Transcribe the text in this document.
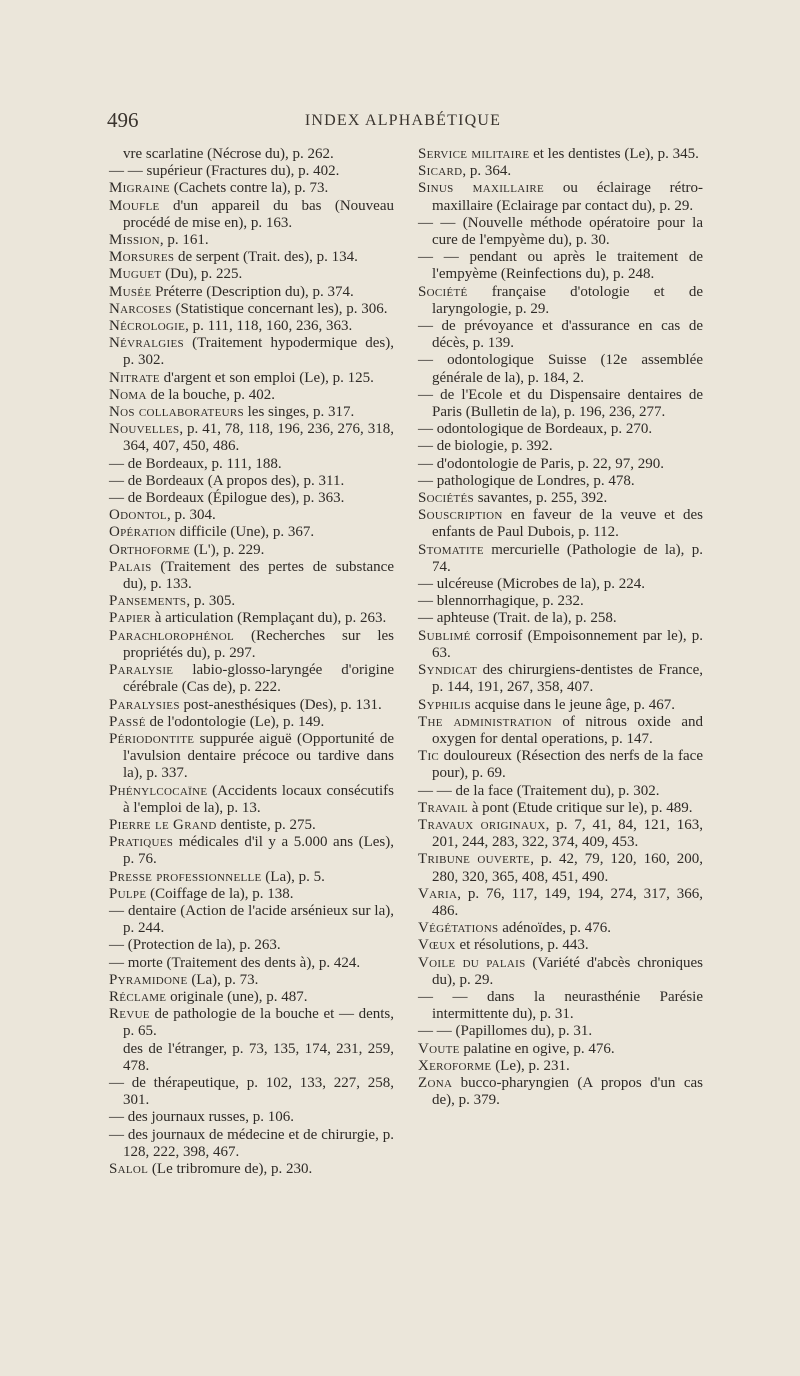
496	INDEX ALPHABÉTIQUE
vre scarlatine (Nécrose du), p. 262.
— — supérieur (Fractures du), p. 402.
Migraine (Cachets contre la), p. 73.
Moufle d'un appareil du bas (Nouveau procédé de mise en), p. 163.
Mission, p. 161.
Morsures de serpent (Trait. des), p. 134.
Muguet (Du), p. 225.
Musée Préterre (Description du), p. 374.
Narcoses (Statistique concernant les), p. 306.
Nécrologie, p. 111, 118, 160, 236, 363.
Névralgies (Traitement hypodermique des), p. 302.
Nitrate d'argent et son emploi (Le), p. 125.
Noma de la bouche, p. 402.
Nos collaborateurs les singes, p. 317.
Nouvelles, p. 41, 78, 118, 196, 236, 276, 318, 364, 407, 450, 486.
— de Bordeaux, p. 111, 188.
— de Bordeaux (A propos des), p. 311.
— de Bordeaux (Épilogue des), p. 363.
Odontol, p. 304.
Opération difficile (Une), p. 367.
Orthoforme (L'), p. 229.
Palais (Traitement des pertes de substance du), p. 133.
Pansements, p. 305.
Papier à articulation (Remplaçant du), p. 263.
Parachlorophénol (Recherches sur les propriétés du), p. 297.
Paralysie labio-glosso-laryngée d'origine cérébrale (Cas de), p. 222.
Paralysies post-anesthésiques (Des), p. 131.
Passé de l'odontologie (Le), p. 149.
Périodontite suppurée aiguë (Opportunité de l'avulsion dentaire précoce ou tardive dans la), p. 337.
Phénylcocaïne (Accidents locaux consécutifs à l'emploi de la), p. 13.
Pierre le Grand dentiste, p. 275.
Pratiques médicales d'il y a 5.000 ans (Les), p. 76.
Presse professionnelle (La), p. 5.
Pulpe (Coiffage de la), p. 138.
— dentaire (Action de l'acide arsénieux sur la), p. 244.
— (Protection de la), p. 263.
— morte (Traitement des dents à), p. 424.
Pyramidone (La), p. 73.
Réclame originale (une), p. 487.
Revue de pathologie de la bouche et — dents, p. 65.
des de l'étranger, p. 73, 135, 174, 231, 259, 478.
— de thérapeutique, p. 102, 133, 227, 258, 301.
— des journaux russes, p. 106.
— des journaux de médecine et de chirurgie, p. 128, 222, 398, 467.
Salol (Le tribromure de), p. 230.
Service militaire et les dentistes (Le), p. 345.
Sicard, p. 364.
Sinus maxillaire ou éclairage rétro-maxillaire (Eclairage par contact du), p. 29.
— — (Nouvelle méthode opératoire pour la cure de l'empyème du), p. 30.
— — pendant ou après le traitement de l'empyème (Reinfections du), p. 248.
Société française d'otologie et de laryngologie, p. 29.
— de prévoyance et d'assurance en cas de décès, p. 139.
— odontologique Suisse (12e assemblée générale de la), p. 184, 2.
— de l'Ecole et du Dispensaire dentaires de Paris (Bulletin de la), p. 196, 236, 277.
— odontologique de Bordeaux, p. 270.
— de biologie, p. 392.
— d'odontologie de Paris, p. 22, 97, 290.
— pathologique de Londres, p. 478.
Sociétés savantes, p. 255, 392.
Souscription en faveur de la veuve et des enfants de Paul Dubois, p. 112.
Stomatite mercurielle (Pathologie de la), p. 74.
— ulcéreuse (Microbes de la), p. 224.
— blennorrhagique, p. 232.
— aphteuse (Trait. de la), p. 258.
Sublimé corrosif (Empoisonnement par le), p. 63.
Syndicat des chirurgiens-dentistes de France, p. 144, 191, 267, 358, 407.
Syphilis acquise dans le jeune âge, p. 467.
The administration of nitrous oxide and oxygen for dental operations, p. 147.
Tic douloureux (Résection des nerfs de la face pour), p. 69.
— — de la face (Traitement du), p. 302.
Travail à pont (Etude critique sur le), p. 489.
Travaux originaux, p. 7, 41, 84, 121, 163, 201, 244, 283, 322, 374, 409, 453.
Tribune ouverte, p. 42, 79, 120, 160, 200, 280, 320, 365, 408, 451, 490.
Varia, p. 76, 117, 149, 194, 274, 317, 366, 486.
Végétations adénoïdes, p. 476.
Vœux et résolutions, p. 443.
Voile du palais (Variété d'abcès chroniques du), p. 29.
— — dans la neurasthénie Parésie intermittente du), p. 31.
— — (Papillomes du), p. 31.
Voute palatine en ogive, p. 476.
Xeroforme (Le), p. 231.
Zona bucco-pharyngien (A propos d'un cas de), p. 379.
